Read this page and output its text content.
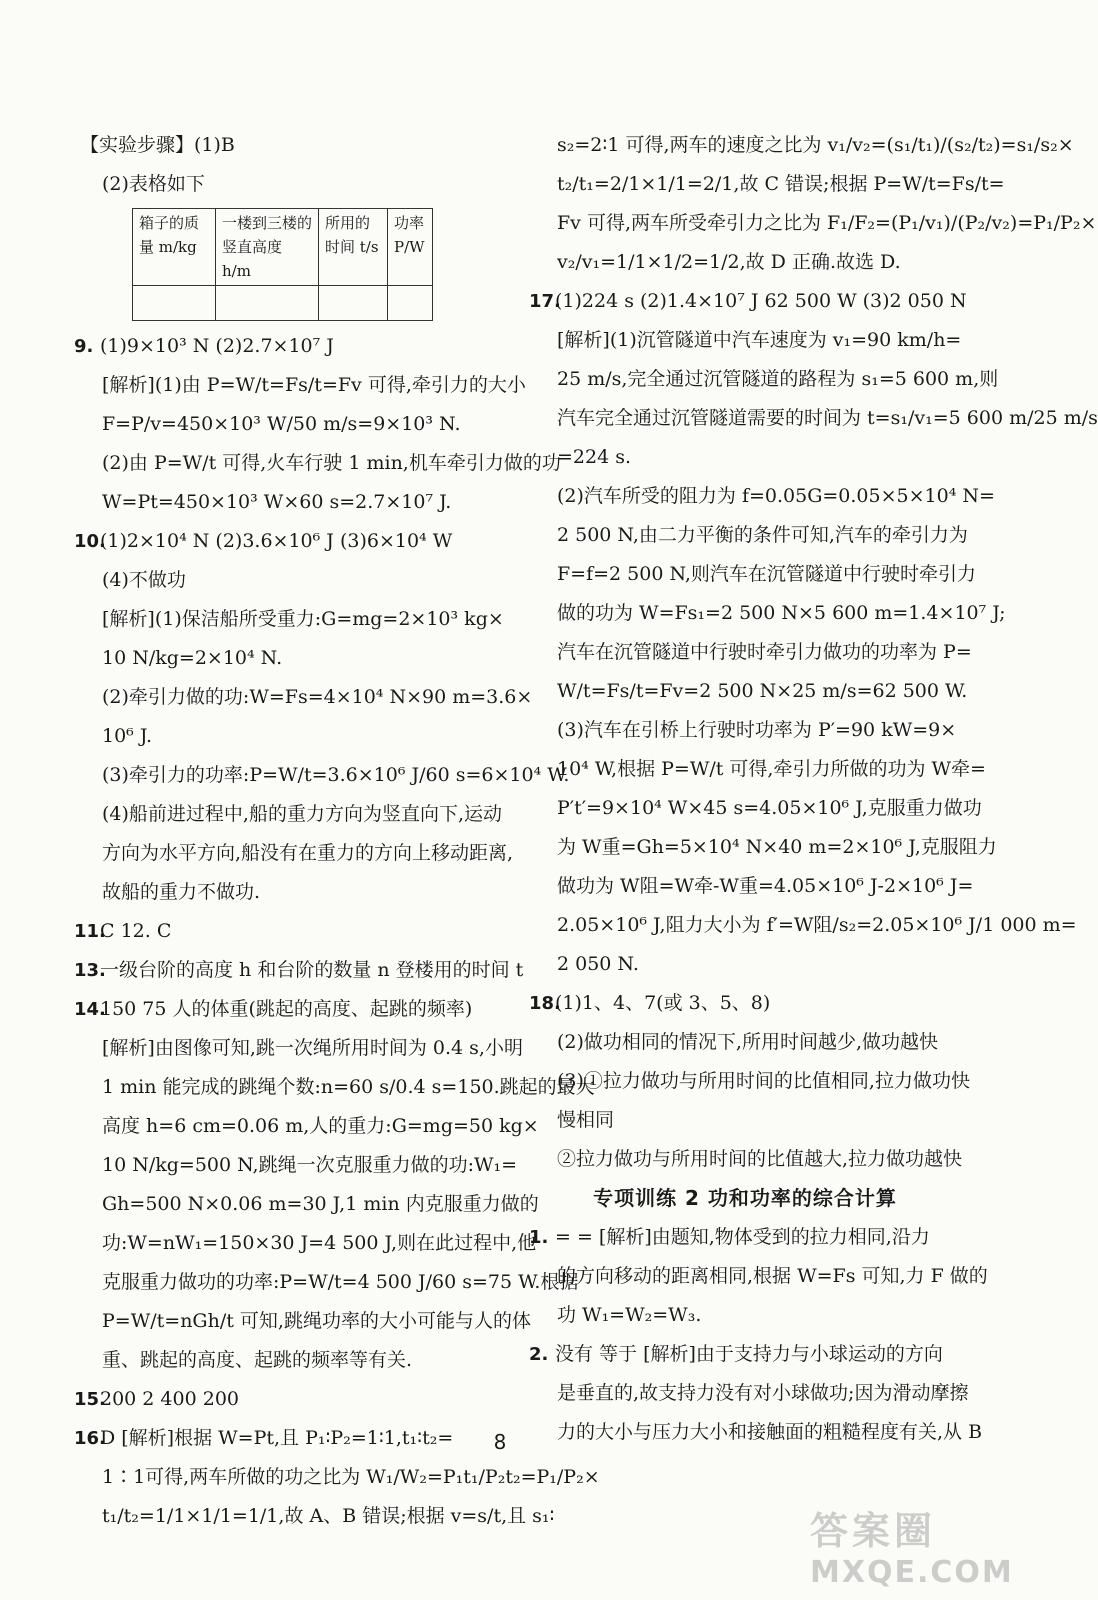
【实验步骤】(1)B
(2)表格如下
箱子的质量 m/kg	一楼到三楼的竖直高度 h/m	所用的时间 t/s	功率 P/W

9. (1)9×10³ N (2)2.7×10⁷ J
[解析](1)由 P=W/t=Fs/t=Fv 可得,牵引力的大小
F=P/v=450×10³ W/50 m/s=9×10³ N.
(2)由 P=W/t 可得,火车行驶 1 min,机车牵引力做的功
W=Pt=450×10³ W×60 s=2.7×10⁷ J.
10.(1)2×10⁴ N (2)3.6×10⁶ J (3)6×10⁴ W
(4)不做功
[解析](1)保洁船所受重力:G=mg=2×10³ kg×
10 N/kg=2×10⁴ N.
(2)牵引力做的功:W=Fs=4×10⁴ N×90 m=3.6×
10⁶ J.
(3)牵引力的功率:P=W/t=3.6×10⁶ J/60 s=6×10⁴ W.
(4)船前进过程中,船的重力方向为竖直向下,运动
方向为水平方向,船没有在重力的方向上移动距离,
故船的重力不做功.
11.C 12. C
13.一级台阶的高度 h 和台阶的数量 n 登楼用的时间 t
14.150 75 人的体重(跳起的高度、起跳的频率)
[解析]由图像可知,跳一次绳所用时间为 0.4 s,小明
1 min 能完成的跳绳个数:n=60 s/0.4 s=150.跳起的最大
高度 h=6 cm=0.06 m,人的重力:G=mg=50 kg×
10 N/kg=500 N,跳绳一次克服重力做的功:W₁=
Gh=500 N×0.06 m=30 J,1 min 内克服重力做的
功:W=nW₁=150×30 J=4 500 J,则在此过程中,他
克服重力做功的功率:P=W/t=4 500 J/60 s=75 W.根据
P=W/t=nGh/t 可知,跳绳功率的大小可能与人的体
重、跳起的高度、起跳的频率等有关.
15.200 2 400 200
16.D [解析]根据 W=Pt,且 P₁∶P₂=1∶1,t₁∶t₂=
1∶1可得,两车所做的功之比为 W₁/W₂=P₁t₁/P₂t₂=P₁/P₂×
t₁/t₂=1/1×1/1=1/1,故 A、B 错误;根据 v=s/t,且 s₁∶
s₂=2∶1 可得,两车的速度之比为 v₁/v₂=(s₁/t₁)/(s₂/t₂)=s₁/s₂×
t₂/t₁=2/1×1/1=2/1,故 C 错误;根据 P=W/t=Fs/t=
Fv 可得,两车所受牵引力之比为 F₁/F₂=(P₁/v₁)/(P₂/v₂)=P₁/P₂×
v₂/v₁=1/1×1/2=1/2,故 D 正确.故选 D.
17.(1)224 s (2)1.4×10⁷ J 62 500 W (3)2 050 N
[解析](1)沉管隧道中汽车速度为 v₁=90 km/h=
25 m/s,完全通过沉管隧道的路程为 s₁=5 600 m,则
汽车完全通过沉管隧道需要的时间为 t=s₁/v₁=5 600 m/25 m/s
=224 s.
(2)汽车所受的阻力为 f=0.05G=0.05×5×10⁴ N=
2 500 N,由二力平衡的条件可知,汽车的牵引力为
F=f=2 500 N,则汽车在沉管隧道中行驶时牵引力
做的功为 W=Fs₁=2 500 N×5 600 m=1.4×10⁷ J;
汽车在沉管隧道中行驶时牵引力做功的功率为 P=
W/t=Fs/t=Fv=2 500 N×25 m/s=62 500 W.
(3)汽车在引桥上行驶时功率为 P′=90 kW=9×
10⁴ W,根据 P=W/t 可得,牵引力所做的功为 W牵=
P′t′=9×10⁴ W×45 s=4.05×10⁶ J,克服重力做功
为 W重=Gh=5×10⁴ N×40 m=2×10⁶ J,克服阻力
做功为 W阻=W牵-W重=4.05×10⁶ J-2×10⁶ J=
2.05×10⁶ J,阻力大小为 f′=W阻/s₂=2.05×10⁶ J/1 000 m=
2 050 N.
18.(1)1、4、7(或 3、5、8)
(2)做功相同的情况下,所用时间越少,做功越快
(3)①拉力做功与所用时间的比值相同,拉力做功快
慢相同
②拉力做功与所用时间的比值越大,拉力做功越快
专项训练 2 功和功率的综合计算
1. = = [解析]由题知,物体受到的拉力相同,沿力
的方向移动的距离相同,根据 W=Fs 可知,力 F 做的
功 W₁=W₂=W₃.
2. 没有 等于 [解析]由于支持力与小球运动的方向
是垂直的,故支持力没有对小球做功;因为滑动摩擦
力的大小与压力大小和接触面的粗糙程度有关,从 B
8
答案圈
MXQE.COM
